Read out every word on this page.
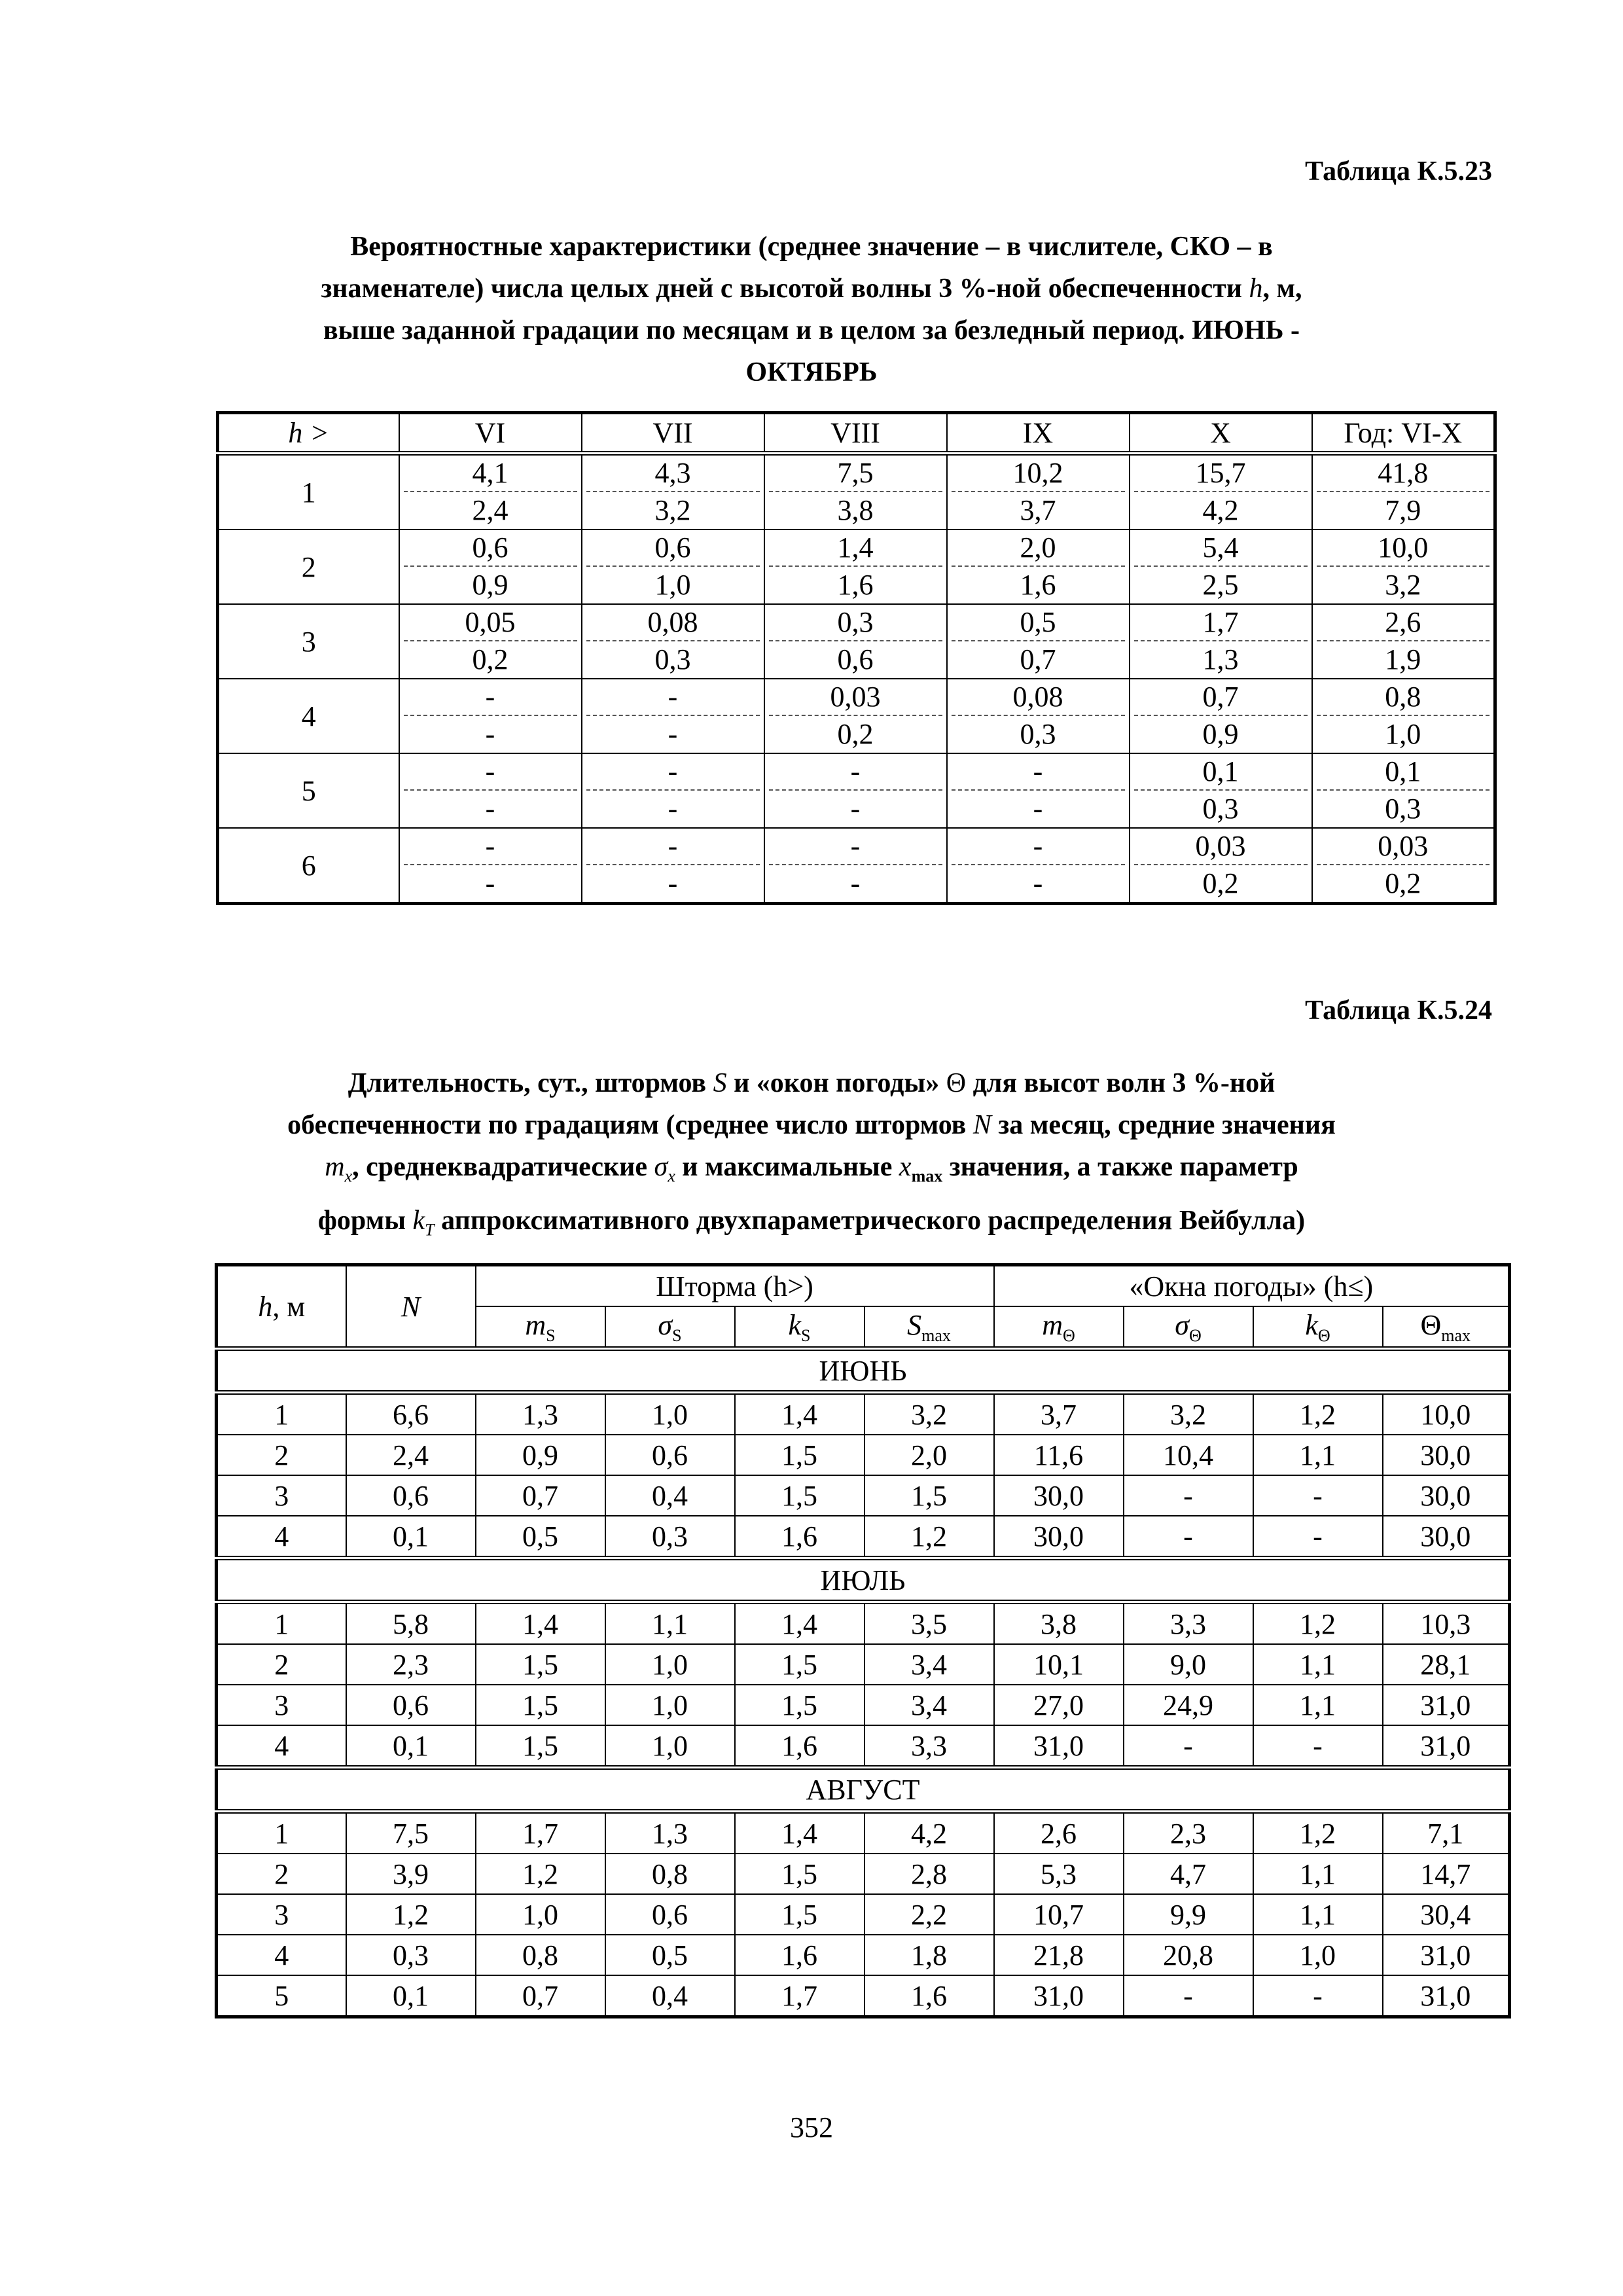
Таблица К.5.23
Вероятностные характеристики (среднее значение – в числителе, СКО – в
знаменателе) числа целых дней с высотой волны 3 %-ной обеспеченности h, м,
выше заданной градации по месяцам и в целом за безледный период. ИЮНЬ -
ОКТЯБРЬ
h >	VI	VII	VIII	IX	X	Год: VI-X
1	4,1	4,3	7,5	10,2	15,7	41,8

	2,4	3,2	3,8	3,7	4,2	7,9

2	0,6	0,6	1,4	2,0	5,4	10,0

	0,9	1,0	1,6	1,6	2,5	3,2

3	0,05	0,08	0,3	0,5	1,7	2,6

	0,2	0,3	0,6	0,7	1,3	1,9

4	-	-	0,03	0,08	0,7	0,8

	-	-	0,2	0,3	0,9	1,0

5	-	-	-	-	0,1	0,1

	-	-	-	-	0,3	0,3

6	-	-	-	-	0,03	0,03

	-	-	-	-	0,2	0,2
Таблица К.5.24
Длительность, сут., штормов S и «окон погоды» Θ для высот волн 3 %-ной
обеспеченности по градациям (среднее число штормов N за месяц, средние значения
$m_x$, среднеквадратические $\sigma_x$ и максимальные $x_{max}$ значения, а также параметр
формы $k_T$ аппроксимативного двухпараметрического распределения Вейбулла)
h, м	N	Шторма (h>)				«Окна погоды» (h≤)			
		$m_S$	$\sigma_S$	$k_S$	$S_{max}$	$m_\Theta$	$\sigma_\Theta$	$k_\Theta$	$\Theta_{max}$
ИЮНЬ									
1	6,6	1,3	1,0	1,4	3,2	3,7	3,2	1,2	10,0
2	2,4	0,9	0,6	1,5	2,0	11,6	10,4	1,1	30,0
3	0,6	0,7	0,4	1,5	1,5	30,0	-	-	30,0
4	0,1	0,5	0,3	1,6	1,2	30,0	-	-	30,0
ИЮЛЬ									
1	5,8	1,4	1,1	1,4	3,5	3,8	3,3	1,2	10,3
2	2,3	1,5	1,0	1,5	3,4	10,1	9,0	1,1	28,1
3	0,6	1,5	1,0	1,5	3,4	27,0	24,9	1,1	31,0
4	0,1	1,5	1,0	1,6	3,3	31,0	-	-	31,0
АВГУСТ									
1	7,5	1,7	1,3	1,4	4,2	2,6	2,3	1,2	7,1
2	3,9	1,2	0,8	1,5	2,8	5,3	4,7	1,1	14,7
3	1,2	1,0	0,6	1,5	2,2	10,7	9,9	1,1	30,4
4	0,3	0,8	0,5	1,6	1,8	21,8	20,8	1,0	31,0
5	0,1	0,7	0,4	1,7	1,6	31,0	-	-	31,0
352
